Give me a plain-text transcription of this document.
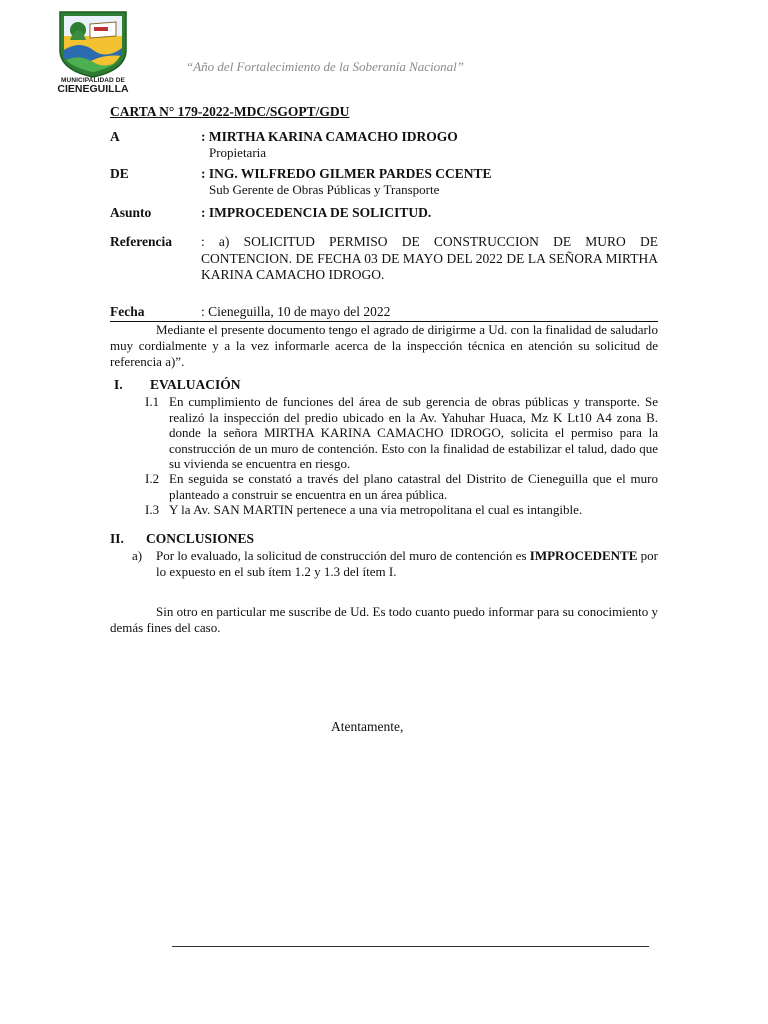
MUNICIPALIDAD DE
CIENEGUILLA
“Año del Fortalecimiento de la Soberanía Nacional”
CARTA N° 179-2022-MDC/SGOPT/GDU
A	: MIRTHA KARINA CAMACHO IDROGO
Propietaria
DE	: ING. WILFREDO GILMER PARDES CCENTE
Sub Gerente de Obras Públicas y Transporte
Asunto	: IMPROCEDENCIA DE SOLICITUD.
Referencia : a) SOLICITUD PERMISO DE CONSTRUCCION DE MURO DE CONTENCION. DE FECHA 03 DE MAYO DEL 2022 DE LA SEÑORA MIRTHA KARINA CAMACHO IDROGO.
Fecha	: Cieneguilla, 10 de mayo del 2022
Mediante el presente documento tengo el agrado de dirigirme a Ud. con la finalidad de saludarlo muy cordialmente y a la vez informarle acerca de la inspección técnica en atención su solicitud de referencia a)”.
I. EVALUACIÓN
I.1 En cumplimiento de funciones del área de sub gerencia de obras públicas y transporte. Se realizó la inspección del predio ubicado en la Av. Yahuhar Huaca, Mz K Lt10 A4 zona B. donde la señora MIRTHA KARINA CAMACHO IDROGO, solicita el permiso para la construcción de un muro de contención. Esto con la finalidad de estabilizar el talud, dado que su vivienda se encuentra en riesgo.
I.2 En seguida se constató a través del plano catastral del Distrito de Cieneguilla que el muro planteado a construir se encuentra en un área pública.
I.3 Y la Av. SAN MARTIN pertenece a una via metropolitana el cual es intangible.
II. CONCLUSIONES
a) Por lo evaluado, la solicitud de construcción del muro de contención es IMPROCEDENTE por lo expuesto en el sub ítem 1.2 y 1.3 del ítem I.
Sin otro en particular me suscribe de Ud. Es todo cuanto puedo informar para su conocimiento y demás fines del caso.
Atentamente,
